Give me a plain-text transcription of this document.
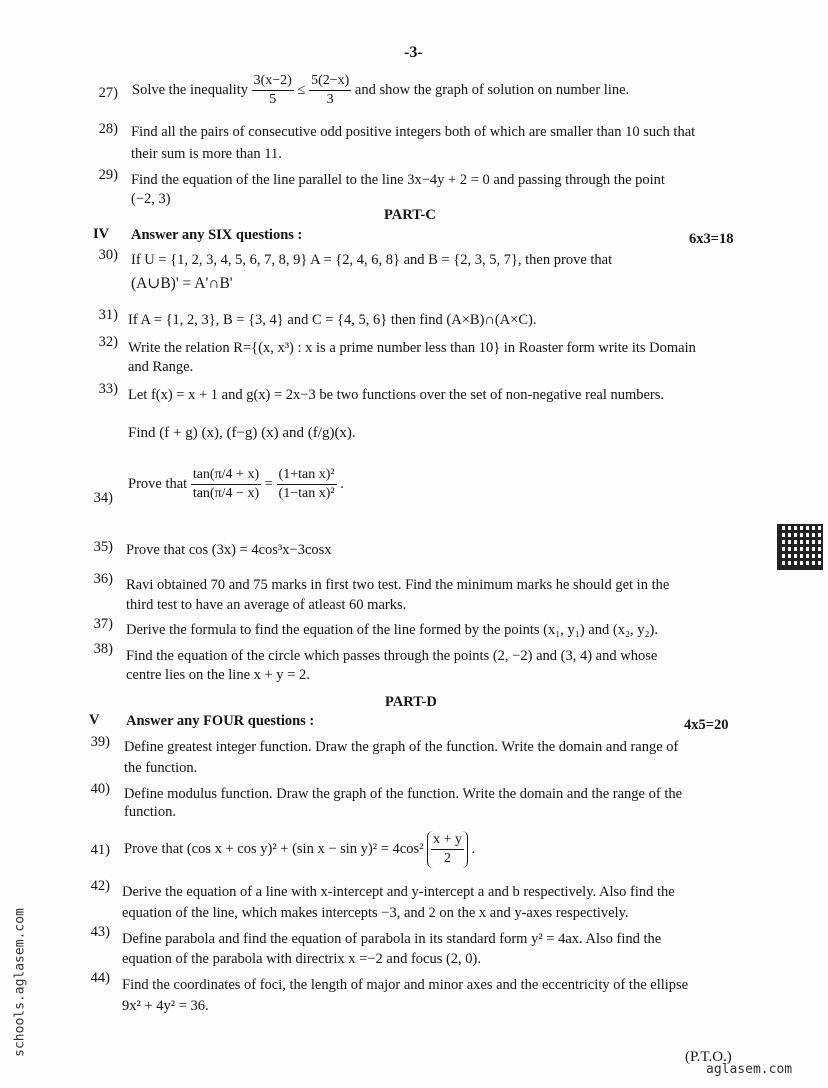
-3-
27) Solve the inequality $\frac{3(x-2)}{5} \le \frac{5(2-x)}{3}$ and show the graph of solution on number line.
28) Find all the pairs of consecutive odd positive integers both of which are smaller than 10 such that
their sum is more than 11.
29) Find the equation of the line parallel to the line 3x−4y + 2 = 0 and passing through the point
(−2, 3)
PART-C
IV Answer any SIX questions :	6x3=18
30) If U = {1, 2, 3, 4, 5, 6, 7, 8, 9} A = {2, 4, 6, 8} and B = {2, 3, 5, 7}, then prove that
(A∪B)' = A'∩B'
31) If A = {1, 2, 3}, B = {3, 4} and C = {4, 5, 6} then find (A×B)∩(A×C).
32) Write the relation R={(x, x³) : x is a prime number less than 10} in Roaster form write its Domain
and Range.
33) Let f(x) = x + 1 and g(x) = 2x−3 be two functions over the set of non-negative real numbers.
Find (f + g) (x), (f−g) (x) and (f/g)(x).
34)
Prove that $\frac{\tan(\pi/4 + x)}{\tan(\pi/4 - x)} = \frac{\text{(1+tan x)²}}{\text{(1−tan x)²}}$ .
35) Prove that cos (3x) = 4cos³x−3cosx
36) Ravi obtained 70 and 75 marks in first two test. Find the minimum marks he should get in the
third test to have an average of atleast 60 marks.
37) Derive the formula to find the equation of the line formed by the points (x₁, y₁) and (x₂, y₂).
38) Find the equation of the circle which passes through the points (2, −2) and (3, 4) and whose
centre lies on the line x + y = 2.
PART-D
V Answer any FOUR questions :	4x5=20
39) Define greatest integer function. Draw the graph of the function. Write the domain and range of
the function.
40) Define modulus function. Draw the graph of the function. Write the domain and the range of the
function.
41) Prove that (cos x + cos y)² + (sin $x - \sin y)^2 = 4\cos^2 \frac{x + y}{2}$ .
42) Derive the equation of a line with x-intercept and y-intercept a and b respectively. Also find the
equation of the line, which makes intercepts −3, and 2 on the x and y-axes respectively.
43) Define parabola and find the equation of parabola in its standard form y² = 4ax. Also find the
equation of the parabola with directrix x =−2 and focus (2, 0).
44) Find the coordinates of foci, the length of major and minor axes and the eccentricity of the ellipse
9x² + 4y² = 36.
(P.T.O.)
aglasem.com
schools.aglasem.com
